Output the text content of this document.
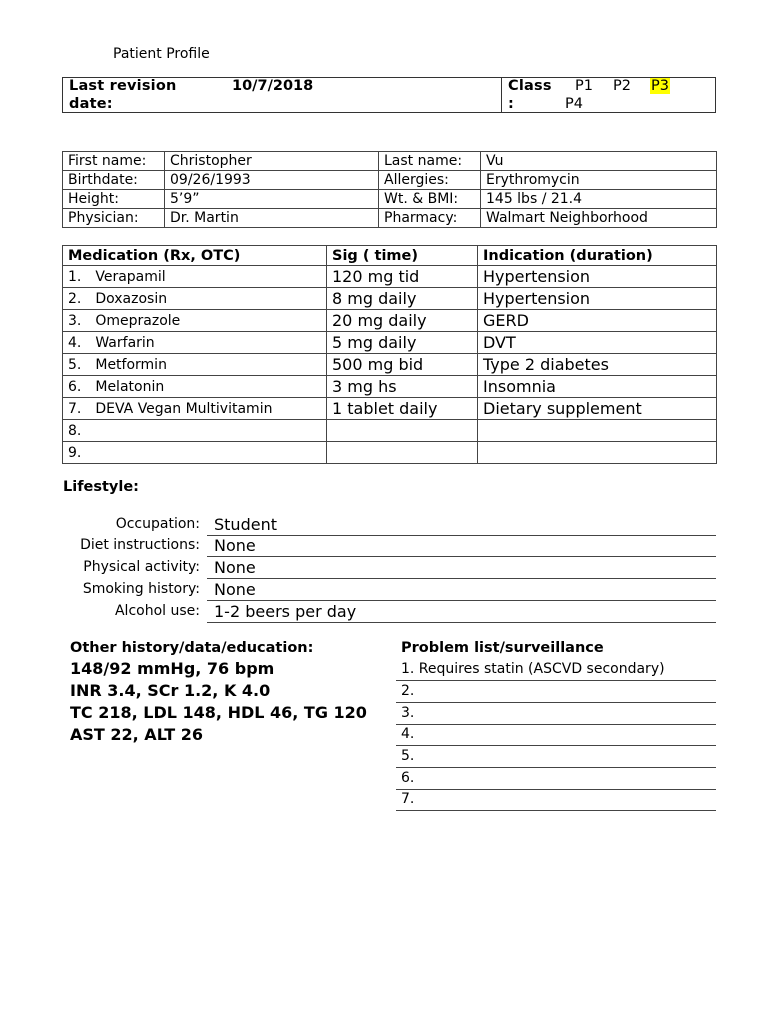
Patient Profile
Last revision
date:
10/7/2018	Class
:
P1 P2 P3
P4
First name:	Christopher	Last name:	Vu
Birthdate:	09/26/1993	Allergies:	Erythromycin
Height:	5’9”	Wt. & BMI:	145 lbs / 21.4
Physician:	Dr. Martin	Pharmacy:	Walmart Neighborhood
Medication (Rx, OTC)	Sig ( time)	Indication (duration)
1. Verapamil	120 mg tid	Hypertension
2. Doxazosin	8 mg daily	Hypertension
3. Omeprazole	20 mg daily	GERD
4. Warfarin	5 mg daily	DVT
5. Metformin	500 mg bid	Type 2 diabetes
6. Melatonin	3 mg hs	Insomnia
7. DEVA Vegan Multivitamin	1 tablet daily	Dietary supplement
8.		
9.		
Lifestyle:
Occupation: Student
Diet instructions: None
Physical activity: None
Smoking history: None
Alcohol use: 1-2 beers per day
Other history/data/education:
148/92 mmHg, 76 bpm
INR 3.4, SCr 1.2, K 4.0
TC 218, LDL 148, HDL 46, TG 120
AST 22, ALT 26
Problem list/surveillance
1. Requires statin (ASCVD secondary)
2.
3.
4.
5.
6.
7.
